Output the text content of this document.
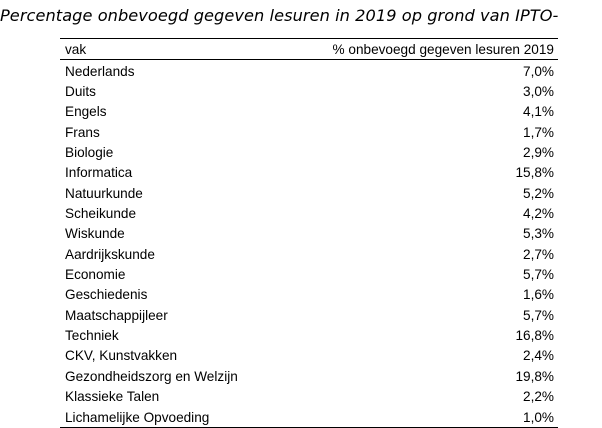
Percentage onbevoegd gegeven lesuren in 2019 op grond van IPTO-
vak	% onbevoegd gegeven lesuren 2019
Nederlands	7,0%
Duits	3,0%
Engels	4,1%
Frans	1,7%
Biologie	2,9%
Informatica	15,8%
Natuurkunde	5,2%
Scheikunde	4,2%
Wiskunde	5,3%
Aardrijkskunde	2,7%
Economie	5,7%
Geschiedenis	1,6%
Maatschappijleer	5,7%
Techniek	16,8%
CKV, Kunstvakken	2,4%
Gezondheidszorg en Welzijn	19,8%
Klassieke Talen	2,2%
Lichamelijke Opvoeding	1,0%
